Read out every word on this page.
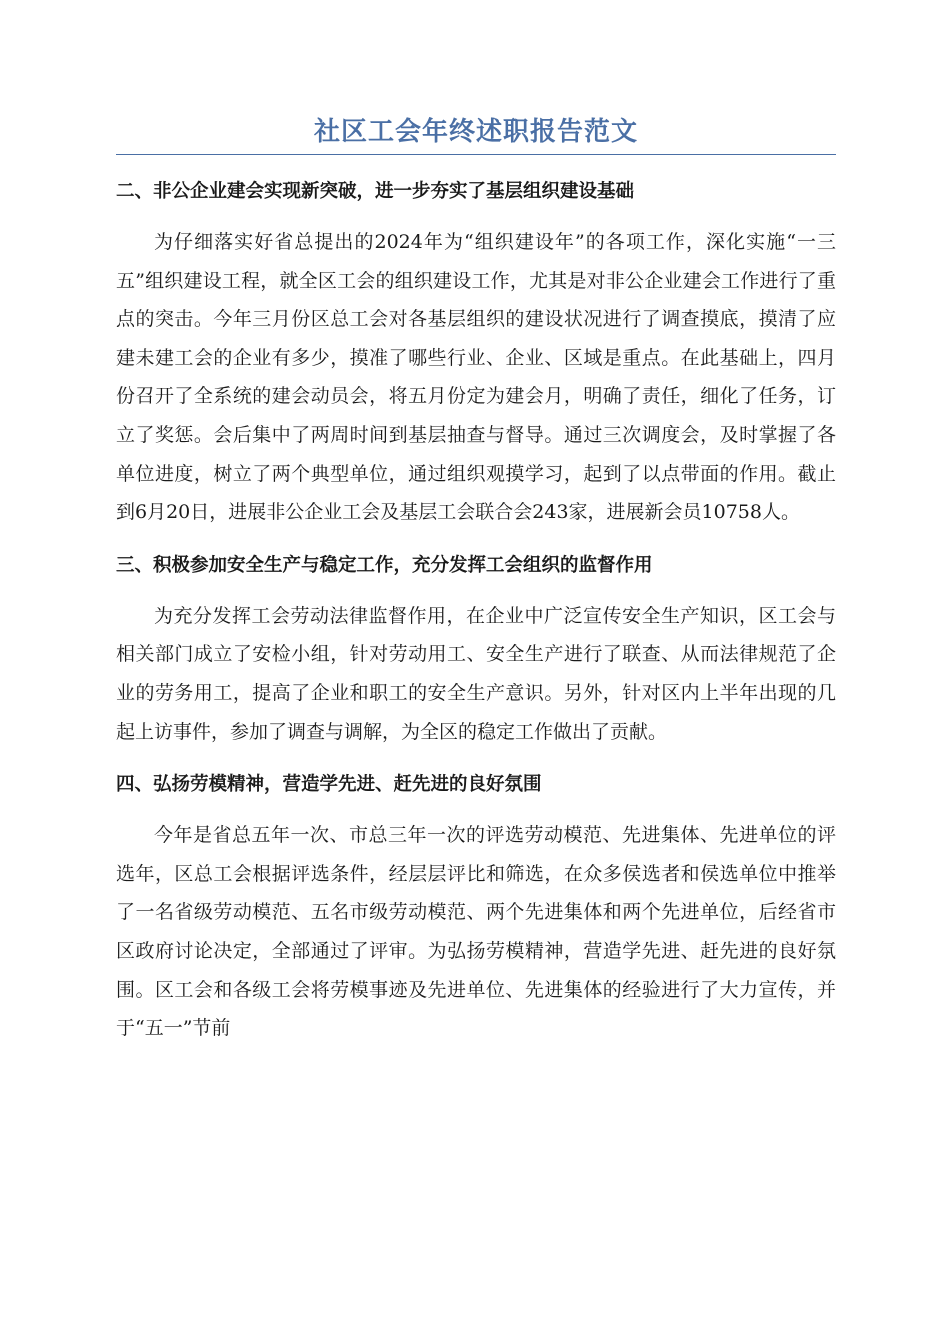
社区工会年终述职报告范文
二、非公企业建会实现新突破，进一步夯实了基层组织建设基础

为仔细落实好省总提出的2024年为“组织建设年”的各项工作，深化实施“一三五”组织建设工程，就全区工会的组织建设工作，尤其是对非公企业建会工作进行了重点的突击。今年三月份区总工会对各基层组织的建设状况进行了调查摸底，摸清了应建未建工会的企业有多少，摸准了哪些行业、企业、区域是重点。在此基础上，四月份召开了全系统的建会动员会，将五月份定为建会月，明确了责任，细化了任务，订立了奖惩。会后集中了两周时间到基层抽查与督导。通过三次调度会，及时掌握了各单位进度，树立了两个典型单位，通过组织观摸学习，起到了以点带面的作用。截止到6月20日，进展非公企业工会及基层工会联合会243家，进展新会员10758人。

三、积极参加安全生产与稳定工作，充分发挥工会组织的监督作用

为充分发挥工会劳动法律监督作用，在企业中广泛宣传安全生产知识，区工会与相关部门成立了安检小组，针对劳动用工、安全生产进行了联查、从而法律规范了企业的劳务用工，提高了企业和职工的安全生产意识。另外，针对区内上半年出现的几起上访事件，参加了调查与调解，为全区的稳定工作做出了贡献。

四、弘扬劳模精神，营造学先进、赶先进的良好氛围

今年是省总五年一次、市总三年一次的评选劳动模范、先进集体、先进单位的评选年，区总工会根据评选条件，经层层评比和筛选，在众多侯选者和侯选单位中推举了一名省级劳动模范、五名市级劳动模范、两个先进集体和两个先进单位，后经省市区政府讨论决定，全部通过了评审。为弘扬劳模精神，营造学先进、赶先进的良好氛围。区工会和各级工会将劳模事迹及先进单位、先进集体的经验进行了大力宣传，并于“五一”节前
